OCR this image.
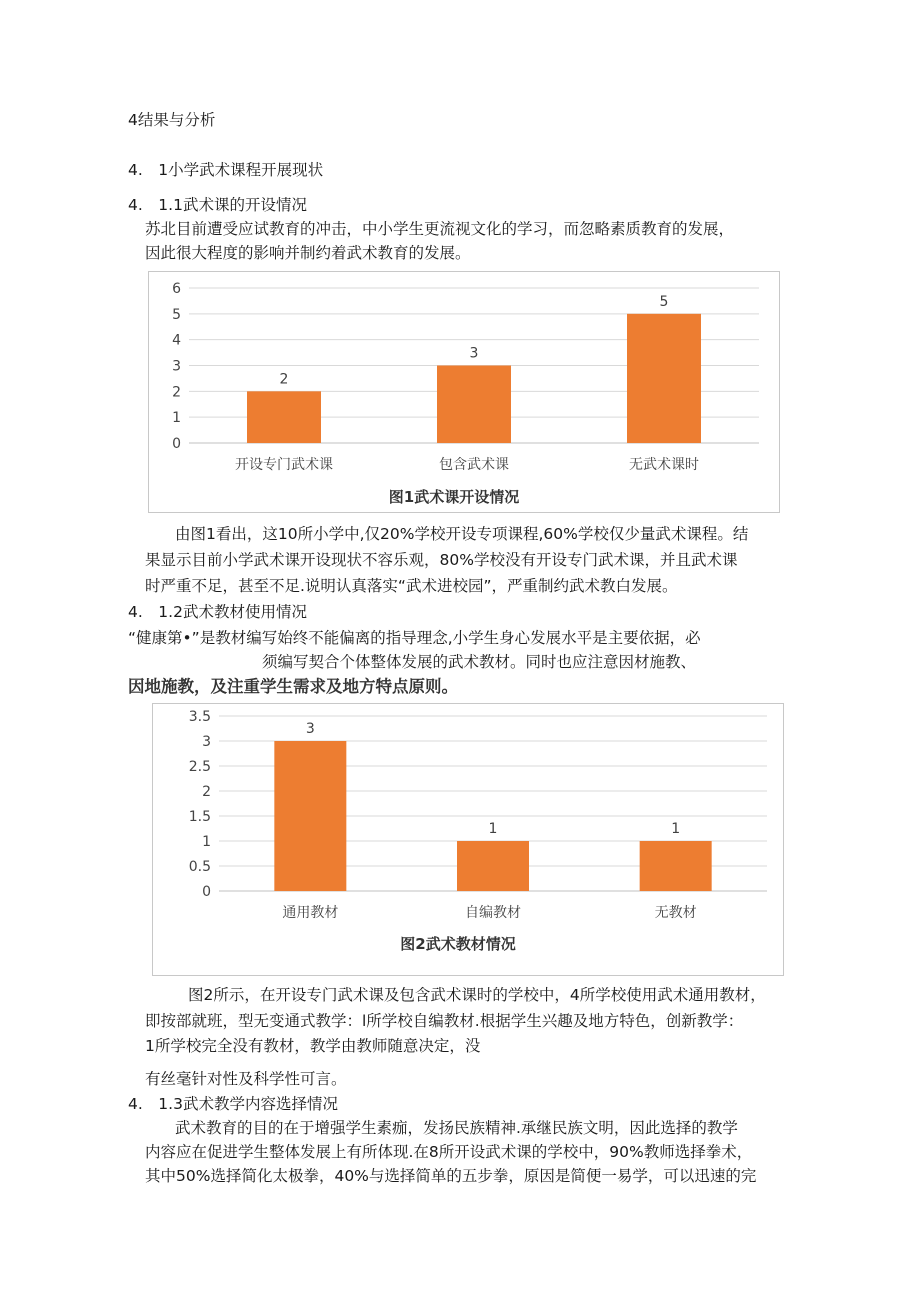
4结果与分析
4.　1小学武术课程开展现状
4.　1.1武术课的开设情况
苏北目前遭受应试教育的冲击，中小学生更流视文化的学习，而忽略素质教育的发展，
因此很大程度的影响并制约着武术教育的发展。
0
1
2
3
4
5
6
2
开设专门武术课
3
包含武术课
5
无武术课时
图1武术课开设情况
由图1看出，这10所小学中,仅20%学校开设专项课程,60%学校仅少量武术课程。结
果显示目前小学武术课开设现状不容乐观，80%学校没有开设专门武术课，并且武术课
时严重不足，甚至不足.说明认真落实“武术进校园”，严重制约武术教白发展。
4.　1.2武术教材使用情况
“健康第•”是教材编写始终不能偏离的指导理念,小学生身心发展水平是主要依据，必
须编写契合个体整体发展的武术教材。同时也应注意因材施教、
因地施教，及注重学生需求及地方特点原则。
0
0.5
1
1.5
2
2.5
3
3.5
3
通用教材
1
自编教材
1
无教材
图2武术教材情况
图2所示，在开设专门武术课及包含武术课时的学校中，4所学校使用武术通用教材，
即按部就班，型无变通式教学：l所学校自编教材.根据学生兴趣及地方特色，创新教学：
1所学校完全没有教材，教学由教师随意决定，没
有丝毫针对性及科学性可言。
4.　1.3武术教学内容选择情况
武术教育的目的在于增强学生素痂，发扬民族精神.承继民族文明，因此选择的教学
内容应在促进学生整体发展上有所体现.在8所开设武术课的学校中，90%教师选择拳术，
其中50%选择简化太极拳，40%与选择简单的五步拳，原因是简便一易学，可以迅速的完
